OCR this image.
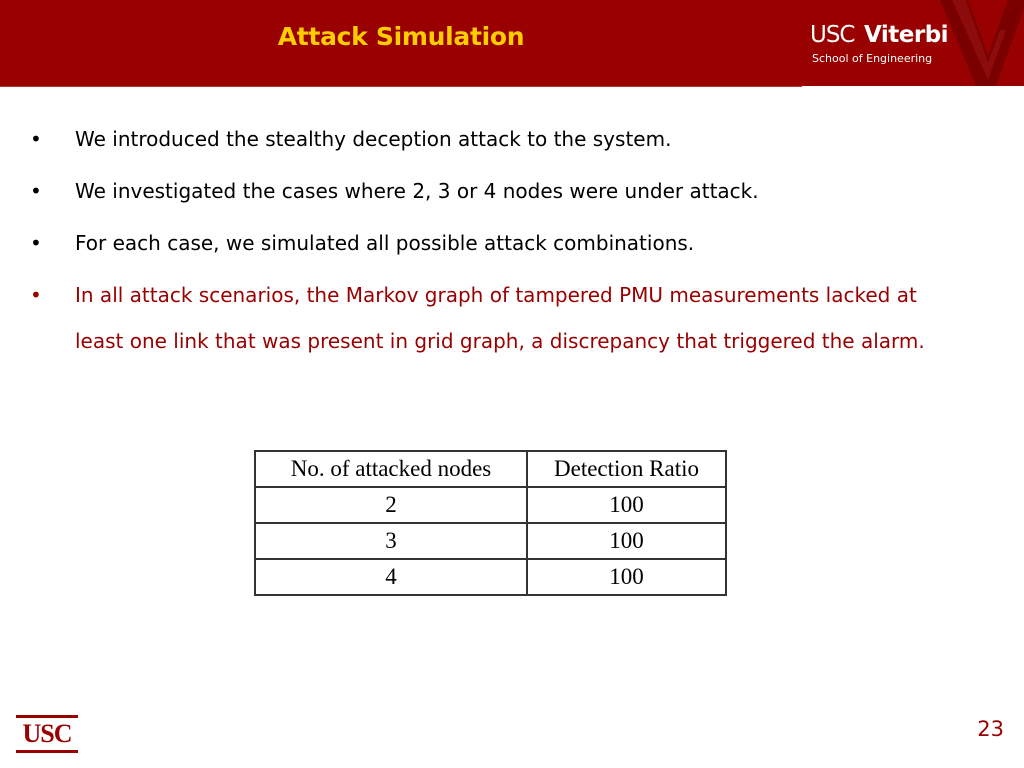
Attack Simulation	USC Viterbi
School of Engineering
• We introduced the stealthy deception attack to the system.
• We investigated the cases where 2, 3 or 4 nodes were under attack.
• For each case, we simulated all possible attack combinations.
• In all attack scenarios, the Markov graph of tampered PMU measurements lacked at least one link that was present in grid graph, a discrepancy that triggered the alarm.
No. of attacked nodes	Detection Ratio
2	100
3	100
4	100
USC	23
